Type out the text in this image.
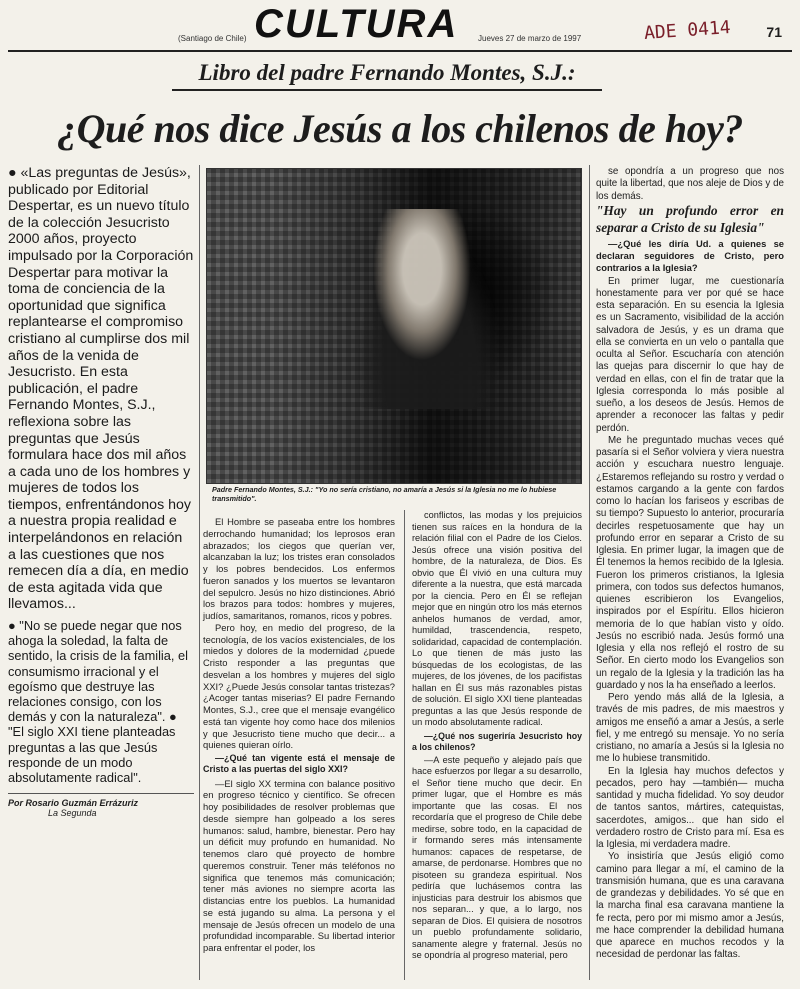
(Santiago de Chile) CULTURA Jueves 27 de marzo de 1997	ADE 0414	71
Libro del padre Fernando Montes, S.J.:
¿Qué nos dice Jesús a los chilenos de hoy?

● «Las preguntas de Jesús», publicado por Editorial Despertar, es un nuevo título de la colección Jesucristo 2000 años, proyecto impulsado por la Corporación Despertar para motivar la toma de conciencia de la oportunidad que significa replantearse el compromiso cristiano al cumplirse dos mil años de la venida de Jesucristo. En esta publicación, el padre Fernando Montes, S.J., reflexiona sobre las preguntas que Jesús formulara hace dos mil años a cada uno de los hombres y mujeres de todos los tiempos, enfrentándonos hoy a nuestra propia realidad e interpelándonos en relación a las cuestiones que nos remecen día a día, en medio de esta agitada vida que llevamos...

● "No se puede negar que nos ahoga la soledad, la falta de sentido, la crisis de la familia, el consumismo irracional y el egoísmo que destruye las relaciones consigo, con los demás y con la naturaleza". ● "El siglo XXI tiene planteadas preguntas a las que Jesús responde de un modo absolutamente radical".

Por Rosario Guzmán Errázuriz
La Segunda
Padre Fernando Montes, S.J.: "Yo no sería cristiano, no amaría a Jesús si la Iglesia no me lo hubiese transmitido".

El Hombre se paseaba entre los hombres derrochando humanidad; los leprosos eran abrazados; los ciegos que querían ver, alcanzaban la luz; los tristes eran consolados y los pobres bendecidos. Los enfermos fueron sanados y los muertos se levantaron del sepulcro. Jesús no hizo distinciones. Abrió los brazos para todos: hombres y mujeres, judíos, samaritanos, romanos, ricos y pobres.

Pero hoy, en medio del progreso, de la tecnología, de los vacíos existenciales, de los miedos y dolores de la modernidad ¿puede Cristo responder a las preguntas que desvelan a los hombres y mujeres del siglo XXI? ¿Puede Jesús consolar tantas tristezas? ¿Acoger tantas miserias? El padre Fernando Montes, S.J., cree que el mensaje evangélico está tan vigente hoy como hace dos milenios y que Jesucristo tiene mucho que decir... a quienes quieran oírlo.

—¿Qué tan vigente está el mensaje de Cristo a las puertas del siglo XXI?

—El siglo XX termina con balance positivo en progreso técnico y científico. Se ofrecen hoy posibilidades de resolver problemas que desde siempre han golpeado a los seres humanos: salud, hambre, bienestar. Pero hay un déficit muy profundo en humanidad. No tenemos claro qué proyecto de hombre queremos construir. Tener más teléfonos no significa que tenemos más comunicación; tener más aviones no siempre acorta las distancias entre los pueblos. La humanidad se está jugando su alma. La persona y el mensaje de Jesús ofrecen un modelo de una profundidad incomparable. Su libertad interior para enfrentar el poder, los

conflictos, las modas y los prejuicios tienen sus raíces en la hondura de la relación filial con el Padre de los Cielos. Jesús ofrece una visión positiva del hombre, de la naturaleza, de Dios. Es obvio que Él vivió en una cultura muy diferente a la nuestra, que está marcada por la ciencia. Pero en Él se reflejan mejor que en ningún otro los más eternos anhelos humanos de verdad, amor, humildad, trascendencia, respeto, solidaridad, capacidad de contemplación. Lo que tienen de más justo las búsquedas de los ecologistas, de las mujeres, de los jóvenes, de los pacifistas hallan en Él sus más razonables pistas de solución. El siglo XXI tiene planteadas preguntas a las que Jesús responde de un modo absolutamente radical.

—¿Qué nos sugeriría Jesucristo hoy a los chilenos?

—A este pequeño y alejado país que hace esfuerzos por llegar a su desarrollo, el Señor tiene mucho que decir. En primer lugar, que el Hombre es más importante que las cosas. El nos recordaría que el progreso de Chile debe medirse, sobre todo, en la capacidad de ir formando seres más intensamente humanos: capaces de respetarse, de amarse, de perdonarse. Hombres que no pisoteen su grandeza espiritual. Nos pediría que luchásemos contra las injusticias para destruir los abismos que nos separan... y que, a lo largo, nos separan de Dios. El quisiera de nosotros un pueblo profundamente solidario, sanamente alegre y fraternal. Jesús no se opondría al progreso material, pero

se opondría a un progreso que nos quite la libertad, que nos aleje de Dios y de los demás.

"Hay un profundo error en separar a Cristo de su Iglesia"

—¿Qué les diría Ud. a quienes se declaran seguidores de Cristo, pero contrarios a la Iglesia?

En primer lugar, me cuestionaría honestamente para ver por qué se hace esta separación. En su esencia la Iglesia es un Sacramento, visibilidad de la acción salvadora de Jesús, y es un drama que ella se convierta en un velo o pantalla que oculta al Señor. Escucharía con atención las quejas para discernir lo que hay de verdad en ellas, con el fin de tratar que la Iglesia corresponda lo más posible al sueño, a los deseos de Jesús. Hemos de aprender a reconocer las faltas y pedir perdón.

Me he preguntado muchas veces qué pasaría si el Señor volviera y viera nuestra acción y escuchara nuestro lenguaje. ¿Estaremos reflejando su rostro y verdad o estamos cargando a la gente con fardos como lo hacían los fariseos y escribas de su tiempo? Supuesto lo anterior, procuraría decirles respetuosamente que hay un profundo error en separar a Cristo de su Iglesia. En primer lugar, la imagen que de Él tenemos la hemos recibido de la Iglesia. Fueron los primeros cristianos, la Iglesia primera, con todos sus defectos humanos, quienes escribieron los Evangelios, inspirados por el Espíritu. Ellos hicieron memoria de lo que habían visto y oído. Jesús no escribió nada. Jesús formó una Iglesia y ella nos reflejó el rostro de su Señor. En cierto modo los Evangelios son un regalo de la Iglesia y la tradición las ha guardado y nos la ha enseñado a leerlos.

Pero yendo más allá de la Iglesia, a través de mis padres, de mis maestros y amigos me enseñó a amar a Jesús, a serle fiel, y me entregó su mensaje. Yo no sería cristiano, no amaría a Jesús si la Iglesia no me lo hubiese transmitido.

En la Iglesia hay muchos defectos y pecados, pero hay —también— mucha santidad y mucha fidelidad. Yo soy deudor de tantos santos, mártires, catequistas, sacerdotes, amigos... que han sido el verdadero rostro de Cristo para mí. Esa es la Iglesia, mi verdadera madre.

Yo insistiría que Jesús eligió como camino para llegar a mí, el camino de la transmisión humana, que es una caravana de grandezas y debilidades. Yo sé que en la marcha final esa caravana mantiene la fe recta, pero por mi mismo amor a Jesús, me hace comprender la debilidad humana que aparece en muchos recodos y la necesidad de perdonar las faltas.
